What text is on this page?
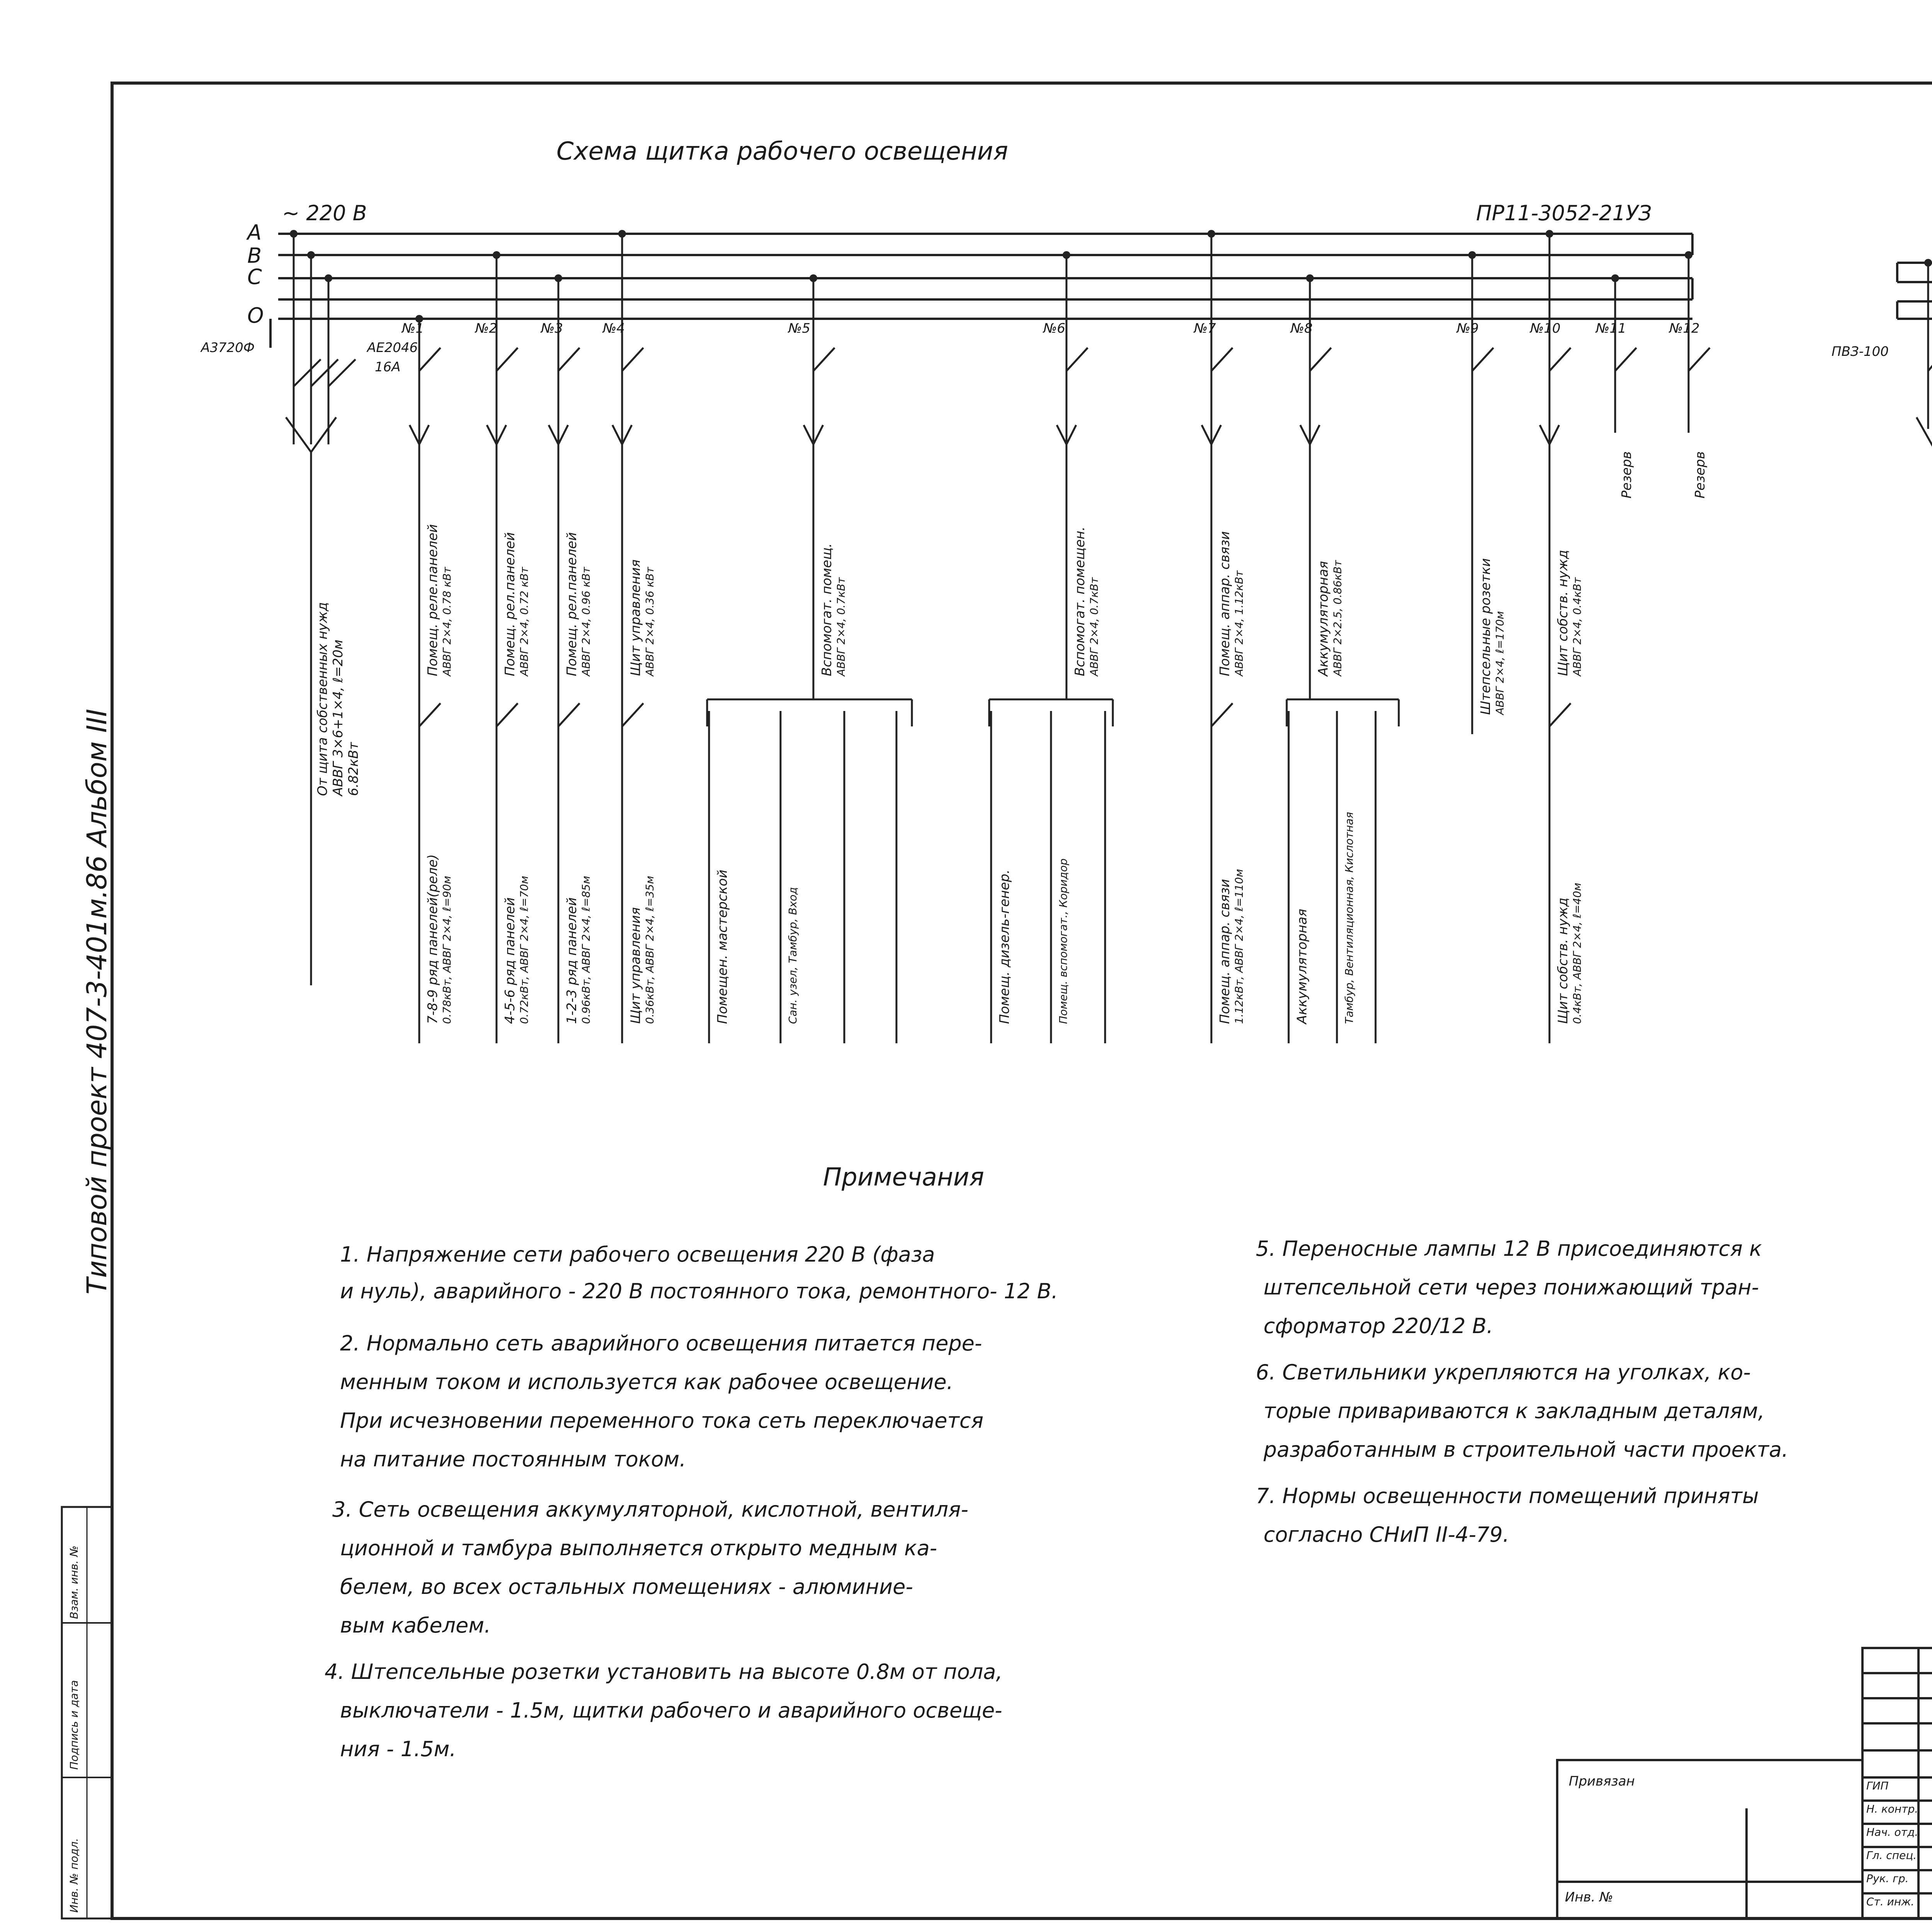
Типовой проект 407-3-401м.86 Альбом III
Схема щитка рабочего освещения
~ 220 В	ПР11-3052-21УЗ
А
В
С
О
А3720Ф	АЕ2046
16А
№1	№2	№3	№4	№5	№6	№7	№8	№9	№10	№11	№12
От щита собственных нужд АВВГ 3×6+1×4, ℓ=20м 6.82кВт
Помещ. реле.панелей АВВГ 2×4, 0.78 кВт	Помещ. рел.панелей АВВГ 2×4, 0.72 кВт	Помещ. рел.панелей АВВГ 2×4, 0.96 кВт	Щит управления АВВГ 2×4, 0.36 кВт	Вспомогат. помещ. АВВГ 2×4, 0.7кВт	Вспомогат. помещен. АВВГ 2×4, 0.7кВт	Помещ. аппар. связи АВВГ 2×4, 1.12кВт	Аккумуляторная АВВГ 2×2.5, 0.86кВт	Штепсельные розетки АВВГ 2×4, ℓ=170м	Щит собств. нужд АВВГ 2×4, 0.4кВт
Резерв	Резерв
7-8-9 ряд панелей(реле) 0.78кВт, АВВГ 2×4, ℓ=90м	4-5-6 ряд панелей 0.72кВт, АВВГ 2×4, ℓ=70м	1-2-3 ряд панелей 0.96кВт, АВВГ 2×4, ℓ=85м	Щит управления 0.36кВт, АВВГ 2×4, ℓ=35м	Помещен. мастерской	Сан. узел, Тамбур, Вход	Помещ. дизель-генер.	Помещ. вспомогат., Коридор	Помещ. аппар. связи 1.12кВт, АВВГ 2×4, ℓ=110м	Аккумуляторная	Тамбур, Вентиляционная, Кислотная	Щит собств. нужд 0.4кВт, АВВГ 2×4, ℓ=40м
ПВЗ-100
Примечания
1. Напряжение сети рабочего освещения 220 В (фаза
и нуль), аварийного - 220 В постоянного тока, ремонтного- 12 В.
2. Нормально сеть аварийного освещения питается пере-
менным током и используется как рабочее освещение.
При исчезновении переменного тока сеть переключается
на питание постоянным током.
3. Сеть освещения аккумуляторной, кислотной, вентиля-
ционной и тамбура выполняется открыто медным ка-
белем, во всех остальных помещениях - алюминие-
вым кабелем.
4. Штепсельные розетки установить на высоте 0.8м от пола,
выключатели - 1.5м, щитки рабочего и аварийного освеще-
ния - 1.5м.
5. Переносные лампы 12 В присоединяются к
штепсельной сети через понижающий тран-
сформатор 220/12 В.
6. Светильники укрепляются на уголках, ко-
торые привариваются к закладным деталям,
разработанным в строительной части проекта.
7. Нормы освещенности помещений приняты
согласно СНиП II-4-79.
Привязан
Инв. №
ГИП
Н. контр.
Нач. отд.
Гл. спец.
Рук. гр.
Ст. инж.
Инв. № подл.
Подпись и дата
Взам. инв. №
